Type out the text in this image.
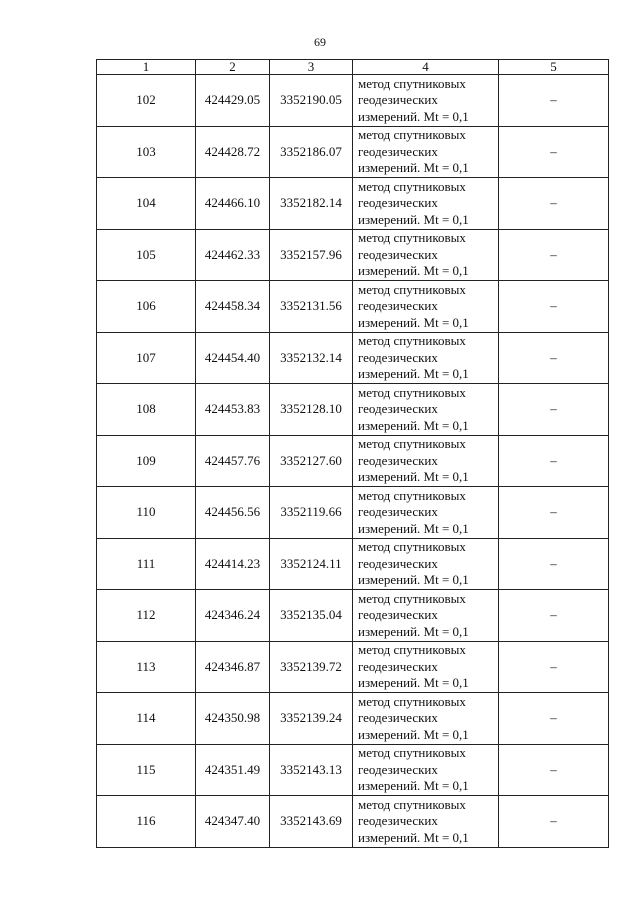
69
1	2	3	4	5
102	424429.05	3352190.05	метод спутниковых
геодезических
измерений. Mt = 0,1	–
103	424428.72	3352186.07	метод спутниковых
геодезических
измерений. Mt = 0,1	–
104	424466.10	3352182.14	метод спутниковых
геодезических
измерений. Mt = 0,1	–
105	424462.33	3352157.96	метод спутниковых
геодезических
измерений. Mt = 0,1	–
106	424458.34	3352131.56	метод спутниковых
геодезических
измерений. Mt = 0,1	–
107	424454.40	3352132.14	метод спутниковых
геодезических
измерений. Mt = 0,1	–
108	424453.83	3352128.10	метод спутниковых
геодезических
измерений. Mt = 0,1	–
109	424457.76	3352127.60	метод спутниковых
геодезических
измерений. Mt = 0,1	–
110	424456.56	3352119.66	метод спутниковых
геодезических
измерений. Mt = 0,1	–
111	424414.23	3352124.11	метод спутниковых
геодезических
измерений. Mt = 0,1	–
112	424346.24	3352135.04	метод спутниковых
геодезических
измерений. Mt = 0,1	–
113	424346.87	3352139.72	метод спутниковых
геодезических
измерений. Mt = 0,1	–
114	424350.98	3352139.24	метод спутниковых
геодезических
измерений. Mt = 0,1	–
115	424351.49	3352143.13	метод спутниковых
геодезических
измерений. Mt = 0,1	–
116	424347.40	3352143.69	метод спутниковых
геодезических
измерений. Mt = 0,1	–
